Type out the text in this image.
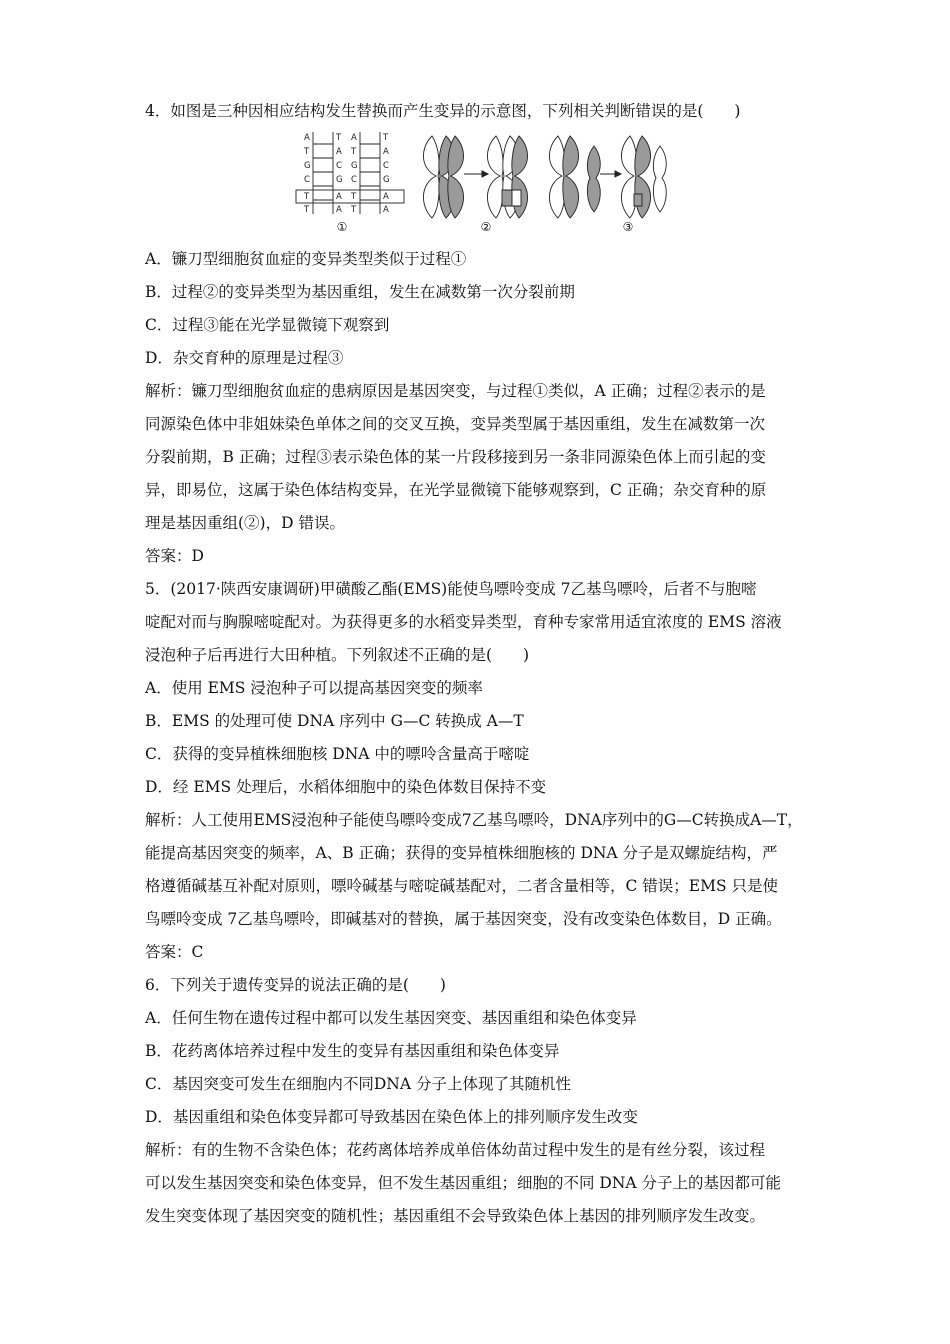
4．如图是三种因相应结构发生替换而产生变异的示意图，下列相关判断错误的是(　　)
A
T
G
C
T
T
T
A
C
G
A
A
A
T
G
C
T
T
T
A
C
G
A
A
①	②	③
A．镰刀型细胞贫血症的变异类型类似于过程①
B．过程②的变异类型为基因重组，发生在减数第一次分裂前期
C．过程③能在光学显微镜下观察到
D．杂交育种的原理是过程③
解析：镰刀型细胞贫血症的患病原因是基因突变，与过程①类似，A 正确；过程②表示的是
同源染色体中非姐妹染色单体之间的交叉互换，变异类型属于基因重组，发生在减数第一次
分裂前期，B 正确；过程③表示染色体的某一片段移接到另一条非同源染色体上而引起的变
异，即易位，这属于染色体结构变异，在光学显微镜下能够观察到，C 正确；杂交育种的原
理是基因重组(②)，D 错误。
答案：D
5．(2017·陕西安康调研)甲磺酸乙酯(EMS)能使鸟嘌呤变成 7乙基鸟嘌呤，后者不与胞嘧
啶配对而与胸腺嘧啶配对。为获得更多的水稻变异类型，育种专家常用适宜浓度的 EMS 溶液
浸泡种子后再进行大田种植。下列叙述不正确的是(　　)
A．使用 EMS 浸泡种子可以提高基因突变的频率
B．EMS 的处理可使 DNA 序列中 G—C 转换成 A—T
C．获得的变异植株细胞核 DNA 中的嘌呤含量高于嘧啶
D．经 EMS 处理后，水稻体细胞中的染色体数目保持不变
解析：人工使用EMS浸泡种子能使鸟嘌呤变成7乙基鸟嘌呤，DNA序列中的G—C转换成A—T，
能提高基因突变的频率，A、B 正确；获得的变异植株细胞核的 DNA 分子是双螺旋结构，严
格遵循碱基互补配对原则，嘌呤碱基与嘧啶碱基配对，二者含量相等，C 错误；EMS 只是使
鸟嘌呤变成 7乙基鸟嘌呤，即碱基对的替换，属于基因突变，没有改变染色体数目，D 正确。
答案：C
6．下列关于遗传变异的说法正确的是(　　)
A．任何生物在遗传过程中都可以发生基因突变、基因重组和染色体变异
B．花药离体培养过程中发生的变异有基因重组和染色体变异
C．基因突变可发生在细胞内不同DNA 分子上体现了其随机性
D．基因重组和染色体变异都可导致基因在染色体上的排列顺序发生改变
解析：有的生物不含染色体；花药离体培养成单倍体幼苗过程中发生的是有丝分裂，该过程
可以发生基因突变和染色体变异，但不发生基因重组；细胞的不同 DNA 分子上的基因都可能
发生突变体现了基因突变的随机性；基因重组不会导致染色体上基因的排列顺序发生改变。
